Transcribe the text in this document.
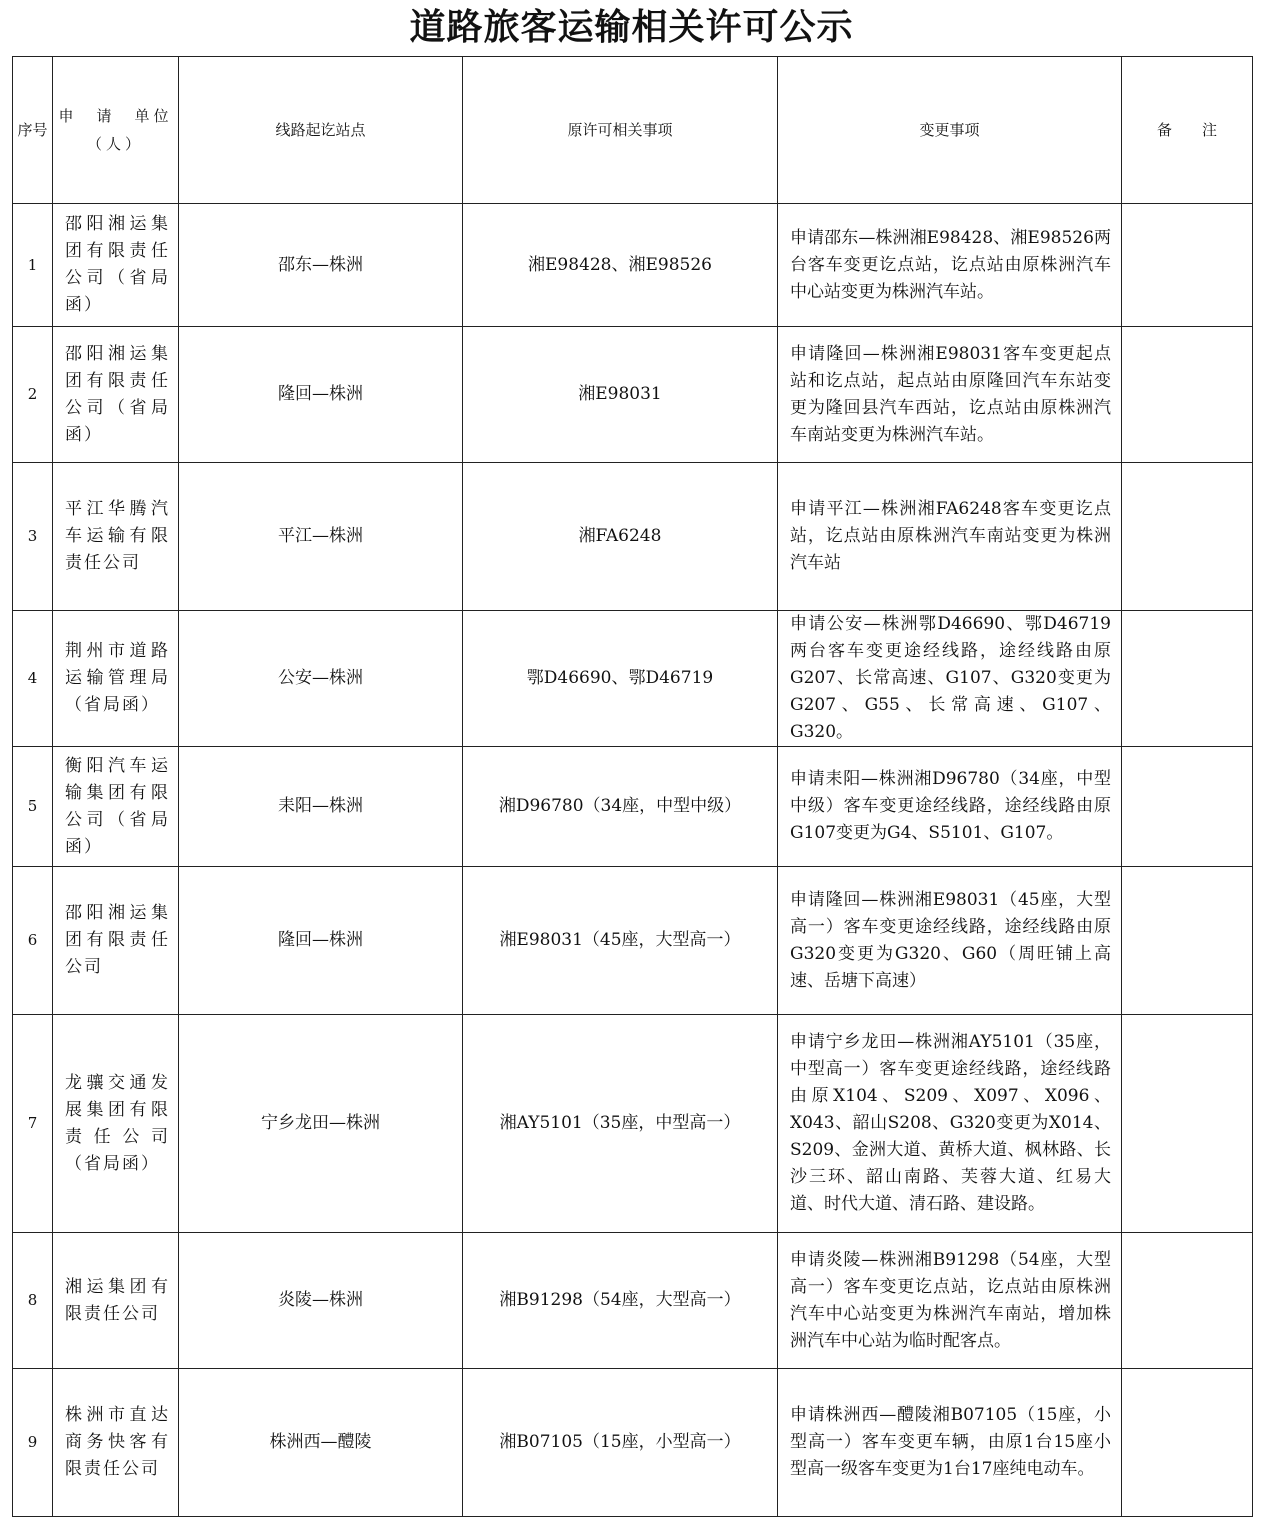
道路旅客运输相关许可公示
序号	申　请　单位（人）	线路起讫站点	原许可相关事项	变更事项	备　　注
1	邵阳湘运集团有限责任公司（省局函）	邵东—株洲	湘E98428、湘E98526	申请邵东—株洲湘E98428、湘E98526两台客车变更讫点站，讫点站由原株洲汽车中心站变更为株洲汽车站。	
2	邵阳湘运集团有限责任公司（省局函）	隆回—株洲	湘E98031	申请隆回—株洲湘E98031客车变更起点站和讫点站，起点站由原隆回汽车东站变更为隆回县汽车西站，讫点站由原株洲汽车南站变更为株洲汽车站。	
3	平江华腾汽车运输有限责任公司	平江—株洲	湘FA6248	申请平江—株洲湘FA6248客车变更讫点站，讫点站由原株洲汽车南站变更为株洲汽车站	
4	荆州市道路运输管理局（省局函）	公安—株洲	鄂D46690、鄂D46719	申请公安—株洲鄂D46690、鄂D46719两台客车变更途经线路，途经线路由原G207、长常高速、G107、G320变更为G207、G55、长常高速、G107、G320。	
5	衡阳汽车运输集团有限公司（省局函）	耒阳—株洲	湘D96780（34座，中型中级）	申请耒阳—株洲湘D96780（34座，中型中级）客车变更途经线路，途经线路由原G107变更为G4、S5101、G107。	
6	邵阳湘运集团有限责任公司	隆回—株洲	湘E98031（45座，大型高一）	申请隆回—株洲湘E98031（45座，大型高一）客车变更途经线路，途经线路由原G320变更为G320、G60（周旺铺上高速、岳塘下高速）	
7	龙骧交通发展集团有限责任公司（省局函）	宁乡龙田—株洲	湘AY5101（35座，中型高一）	申请宁乡龙田—株洲湘AY5101（35座，中型高一）客车变更途经线路，途经线路由原X104、S209、X097、X096、X043、韶山S208、G320变更为X014、S209、金洲大道、黄桥大道、枫林路、长沙三环、韶山南路、芙蓉大道、红易大道、时代大道、清石路、建设路。	
8	湘运集团有限责任公司	炎陵—株洲	湘B91298（54座，大型高一）	申请炎陵—株洲湘B91298（54座，大型高一）客车变更讫点站，讫点站由原株洲汽车中心站变更为株洲汽车南站，增加株洲汽车中心站为临时配客点。	
9	株洲市直达商务快客有限责任公司	株洲西—醴陵	湘B07105（15座，小型高一）	申请株洲西—醴陵湘B07105（15座，小型高一）客车变更车辆，由原1台15座小型高一级客车变更为1台17座纯电动车。	
